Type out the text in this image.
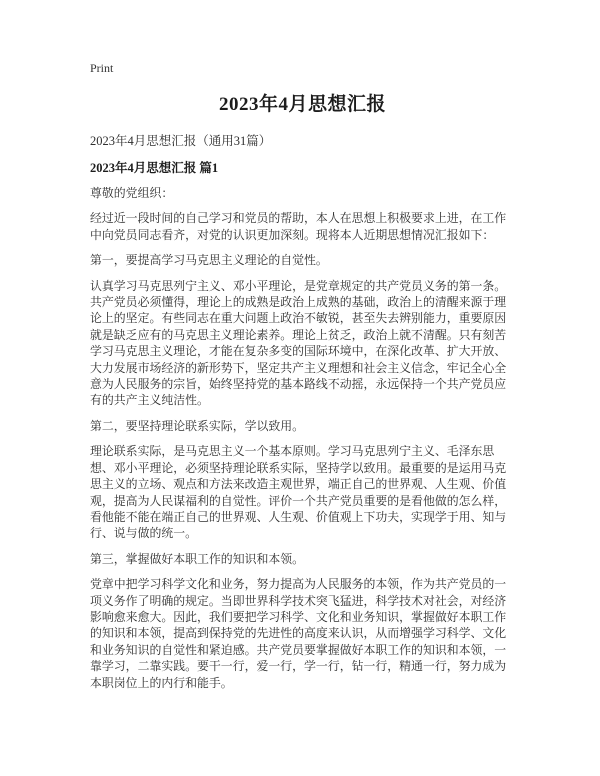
Print
2023年4月思想汇报
2023年4月思想汇报（通用31篇）
2023年4月思想汇报 篇1

尊敬的党组织：

经过近一段时间的自己学习和党员的帮助，本人在思想上积极要求上进，在工作中向党员同志看齐，对党的认识更加深刻。现将本人近期思想情况汇报如下：

第一，要提高学习马克思主义理论的自觉性。

认真学习马克思列宁主义、邓小平理论，是党章规定的共产党员义务的第一条。共产党员必须懂得，理论上的成熟是政治上成熟的基础，政治上的清醒来源于理论上的坚定。有些同志在重大问题上政治不敏锐，甚至失去辨别能力，重要原因就是缺乏应有的马克思主义理论素养。理论上贫乏，政治上就不清醒。只有刻苦学习马克思主义理论，才能在复杂多变的国际环境中，在深化改革、扩大开放、大力发展市场经济的新形势下，坚定共产主义理想和社会主义信念，牢记全心全意为人民服务的宗旨，始终坚持党的基本路线不动摇，永远保持一个共产党员应有的共产主义纯洁性。

第二，要坚持理论联系实际，学以致用。

理论联系实际，是马克思主义一个基本原则。学习马克思列宁主义、毛泽东思想、邓小平理论，必须坚持理论联系实际，坚持学以致用。最重要的是运用马克思主义的立场、观点和方法来改造主观世界，端正自己的世界观、人生观、价值观，提高为人民谋福利的自觉性。评价一个共产党员重要的是看他做的怎么样，看他能不能在端正自己的世界观、人生观、价值观上下功夫，实现学于用、知与行、说与做的统一。

第三，掌握做好本职工作的知识和本领。

党章中把学习科学文化和业务，努力提高为人民服务的本领，作为共产党员的一项义务作了明确的规定。当即世界科学技术突飞猛进，科学技术对社会，对经济影响愈来愈大。因此，我们要把学习科学、文化和业务知识，掌握做好本职工作的知识和本领，提高到保持党的先进性的高度来认识，从而增强学习科学、文化和业务知识的自觉性和紧迫感。共产党员要掌握做好本职工作的知识和本领，一靠学习，二靠实践。要干一行，爱一行，学一行，钻一行，精通一行，努力成为本职岗位上的内行和能手。
